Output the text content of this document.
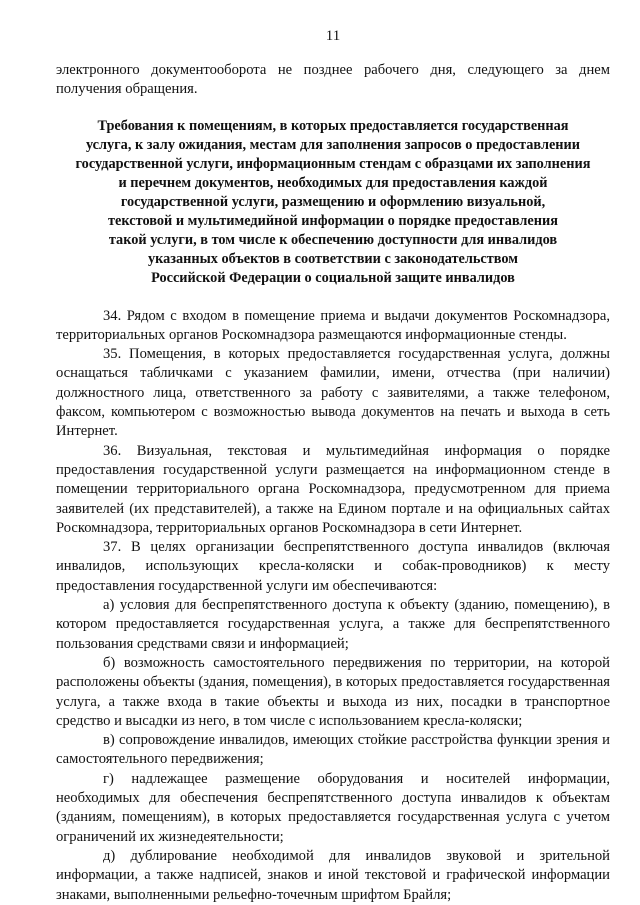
11

электронного документооборота не позднее рабочего дня, следующего за днем получения обращения.

Требования к помещениям, в которых предоставляется государственная
услуга, к залу ожидания, местам для заполнения запросов о предоставлении
государственной услуги, информационным стендам с образцами их заполнения
и перечнем документов, необходимых для предоставления каждой
государственной услуги, размещению и оформлению визуальной,
текстовой и мультимедийной информации о порядке предоставления
такой услуги, в том числе к обеспечению доступности для инвалидов
указанных объектов в соответствии с законодательством
Российской Федерации о социальной защите инвалидов

34. Рядом с входом в помещение приема и выдачи документов Роскомнадзора, территориальных органов Роскомнадзора размещаются информационные стенды.

35. Помещения, в которых предоставляется государственная услуга, должны оснащаться табличками с указанием фамилии, имени, отчества (при наличии) должностного лица, ответственного за работу с заявителями, а также телефоном, факсом, компьютером с возможностью вывода документов на печать и выхода в сеть Интернет.

36. Визуальная, текстовая и мультимедийная информация о порядке предоставления государственной услуги размещается на информационном стенде в помещении территориального органа Роскомнадзора, предусмотренном для приема заявителей (их представителей), а также на Едином портале и на официальных сайтах Роскомнадзора, территориальных органов Роскомнадзора в сети Интернет.

37. В целях организации беспрепятственного доступа инвалидов (включая инвалидов, использующих кресла-коляски и собак-проводников) к месту предоставления государственной услуги им обеспечиваются:

а) условия для беспрепятственного доступа к объекту (зданию, помещению), в котором предоставляется государственная услуга, а также для беспрепятственного пользования средствами связи и информацией;

б) возможность самостоятельного передвижения по территории, на которой расположены объекты (здания, помещения), в которых предоставляется государственная услуга, а также входа в такие объекты и выхода из них, посадки в транспортное средство и высадки из него, в том числе с использованием кресла-коляски;

в) сопровождение инвалидов, имеющих стойкие расстройства функции зрения и самостоятельного передвижения;

г) надлежащее размещение оборудования и носителей информации, необходимых для обеспечения беспрепятственного доступа инвалидов к объектам (зданиям, помещениям), в которых предоставляется государственная услуга с учетом ограничений их жизнедеятельности;

д) дублирование необходимой для инвалидов звуковой и зрительной информации, а также надписей, знаков и иной текстовой и графической информации знаками, выполненными рельефно-точечным шрифтом Брайля;
